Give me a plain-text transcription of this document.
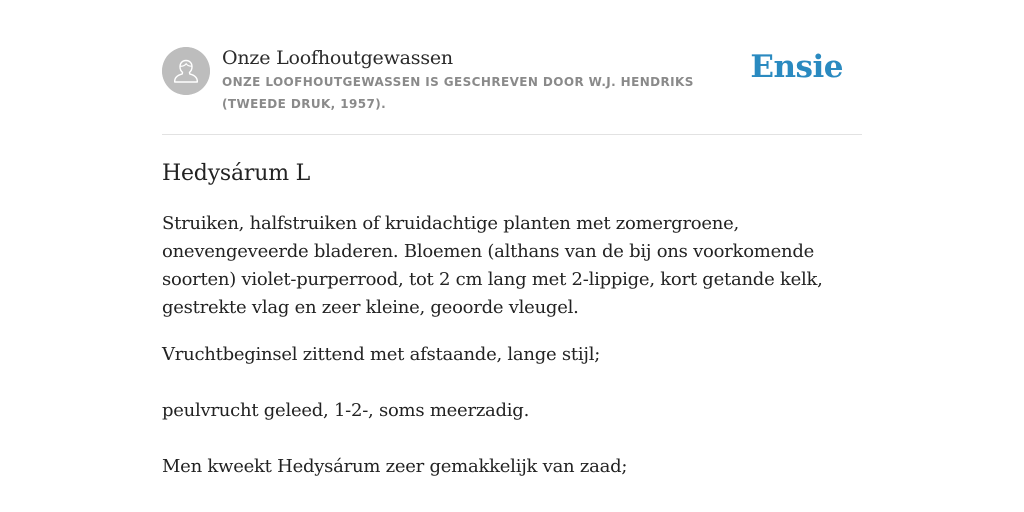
Onze Loofhoutgewassen
ONZE LOOFHOUTGEWASSEN IS GESCHREVEN DOOR W.J. HENDRIKS (TWEEDE DRUK, 1957).
Ensie
Hedysárum L

Struiken, halfstruiken of kruidachtige planten met zomergroene, onevengeveerde bladeren. Bloemen (althans van de bij ons voorkomende soorten) violet-purperrood, tot 2 cm lang met 2-lippige, kort getande kelk, gestrekte vlag en zeer kleine, geoorde vleugel.

Vruchtbeginsel zittend met afstaande, lange stijl;

peulvrucht geleed, 1-2-, soms meerzadig.

Men kweekt Hedysárum zeer gemakkelijk van zaad;
